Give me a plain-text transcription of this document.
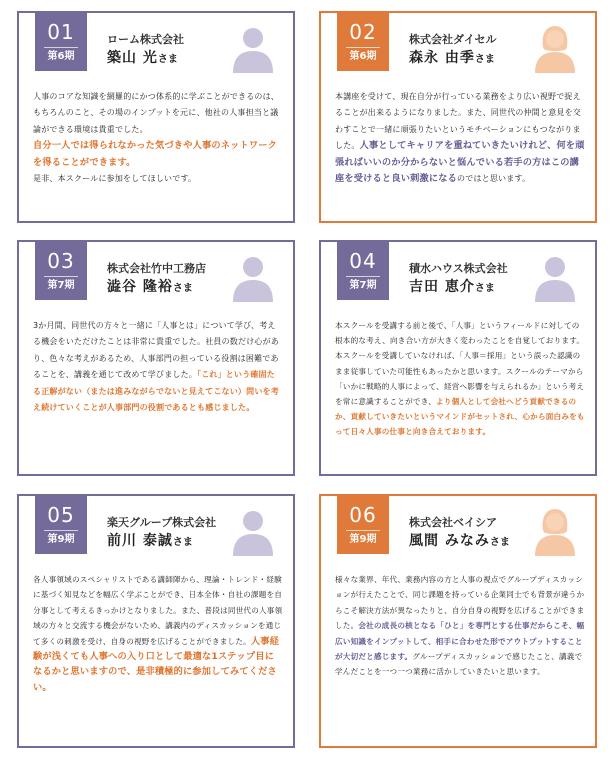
01
第6期
ローム株式会社
築山 光さま
人事のコアな知識を網羅的にかつ体系的に学ぶことができるのは、もちろんのこと、その場のインプットを元に、他社の人事担当と議論ができる環境は貴重でした。
自分一人では得られなかった気づきや人事のネットワークを得ることができます。
是非、本スクールに参加をしてほしいです。
02
第6期
株式会社ダイセル
森永 由季さま
本講座を受けて、現在自分が行っている業務をより広い視野で捉えることが出来るようになりました。また、同世代の仲間と意見を交わすことで一緒に頑張りたいというモチベーションにもつながりました。人事としてキャリアを重ねていきたいけれど、何を頑張ればいいのか分からないと悩んでいる若手の方はこの講座を受けると良い刺激になるのではと思います。
03
第7期
株式会社竹中工務店
澁谷 隆裕さま
3か月間、同世代の方々と一緒に「人事とは」について学び、考える機会をいただけたことは非常に貴重でした。社員の数だけ心があり、色々な考えがあるため、人事部門の担っている役割は困難であることを、講義を通じて改めて学びました。「これ」という確固たる正解がない（または進みながらでないと見えてこない）問いを考え続けていくことが人事部門の役割であるとも感じました。
04
第7期
積水ハウス株式会社
吉田 恵介さま
本スクールを受講する前と後で、「人事」というフィールドに対しての根本的な考え、向き合い方が大きく変わったことを自覚しております。本スクールを受講していなければ、「人事＝採用」という誤った認識のまま従事していた可能性もあったかと思います。スクールのテーマから「いかに戦略的人事によって、経営へ影響を与えられるか」という考えを常に意識することができ、より個人として会社へどう貢献できるのか、貢献していきたいというマインドがセットされ、心から面白みをもって日々人事の仕事と向き合えております。
05
第9期
楽天グループ株式会社
前川 泰誠さま
各人事領域のスペシャリストである講師陣から、理論・トレンド・経験に基づく知見などを幅広く学ぶことができ、日本全体・自社の課題を自分事として考えるきっかけとなりました。また、普段は同世代の人事領域の方々と交流する機会がないため、講義内のディスカッションを通じて多くの刺激を受け、自身の視野を広げることができました。人事経験が浅くても人事への入り口として最適な1ステップ目になるかと思いますので、是非積極的に参加してみてください。
06
第9期
株式会社ベイシア
風間 みなみさま
様々な業界、年代、業務内容の方と人事の視点でグループディスカッションが行えたことで、同じ課題を持っている企業同士でも背景が違うからこそ解決方法が異なったりと、自分自身の視野を広げることができました。会社の成長の核となる「ひと」を専門とする仕事だからこそ、幅広い知識をインプットして、相手に合わせた形でアウトプットすることが大切だと感じます。グループディスカッションで感じたこと、講義で学んだことを一つ一つ業務に活かしていきたいと思います。
